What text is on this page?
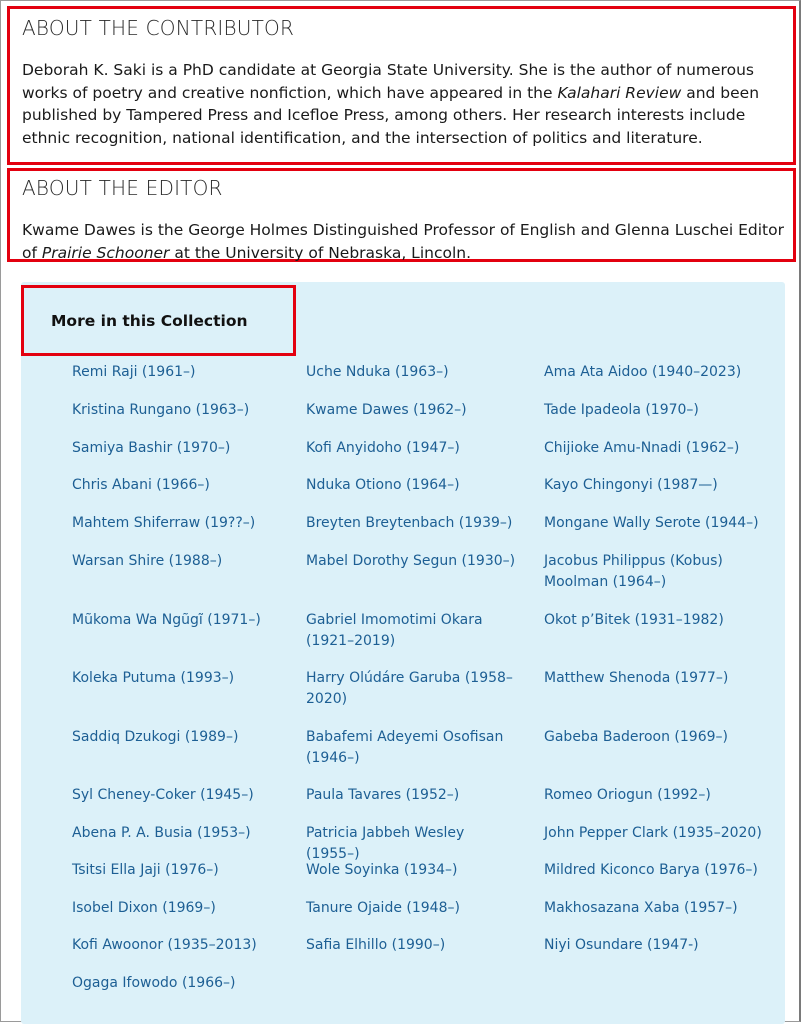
ABOUT THE CONTRIBUTOR
Deborah K. Saki is a PhD candidate at Georgia State University. She is the author of numerous works of poetry and creative nonfiction, which have appeared in the Kalahari Review and been published by Tampered Press and Icefloe Press, among others. Her research interests include ethnic recognition, national identification, and the intersection of politics and literature.
ABOUT THE EDITOR
Kwame Dawes is the George Holmes Distinguished Professor of English and Glenna Luschei Editor of Prairie Schooner at the University of Nebraska, Lincoln.
More in this Collection
Remi Raji (1961–)
Kristina Rungano (1963–)
Samiya Bashir (1970–)
Chris Abani (1966–)
Mahtem Shiferraw (19??–)
Warsan Shire (1988–)
Mũkoma Wa Ngũgĩ (1971–)
Koleka Putuma (1993–)
Saddiq Dzukogi (1989–)
Syl Cheney-Coker (1945–)
Abena P. A. Busia (1953–)
Tsitsi Ella Jaji (1976–)
Isobel Dixon (1969–)
Kofi Awoonor (1935–2013)
Ogaga Ifowodo (1966–)
Uche Nduka (1963–)
Kwame Dawes (1962–)
Kofi Anyidoho (1947–)
Nduka Otiono (1964–)
Breyten Breytenbach (1939–)
Mabel Dorothy Segun (1930–)
Gabriel Imomotimi Okara (1921–2019)
Harry Olúdáre Garuba (1958–2020)
Babafemi Adeyemi Osofisan (1946–)
Paula Tavares (1952–)
Patricia Jabbeh Wesley (1955–)
Wole Soyinka (1934–)
Tanure Ojaide (1948–)
Safia Elhillo (1990–)
Ama Ata Aidoo (1940–2023)
Tade Ipadeola (1970–)
Chijioke Amu-Nnadi (1962–)
Kayo Chingonyi (1987—)
Mongane Wally Serote (1944–)
Jacobus Philippus (Kobus) Moolman (1964–)
Okot p’Bitek (1931–1982)
Matthew Shenoda (1977–)
Gabeba Baderoon (1969–)
Romeo Oriogun (1992–)
John Pepper Clark (1935–2020)
Mildred Kiconco Barya (1976–)
Makhosazana Xaba (1957–)
Niyi Osundare (1947-)
